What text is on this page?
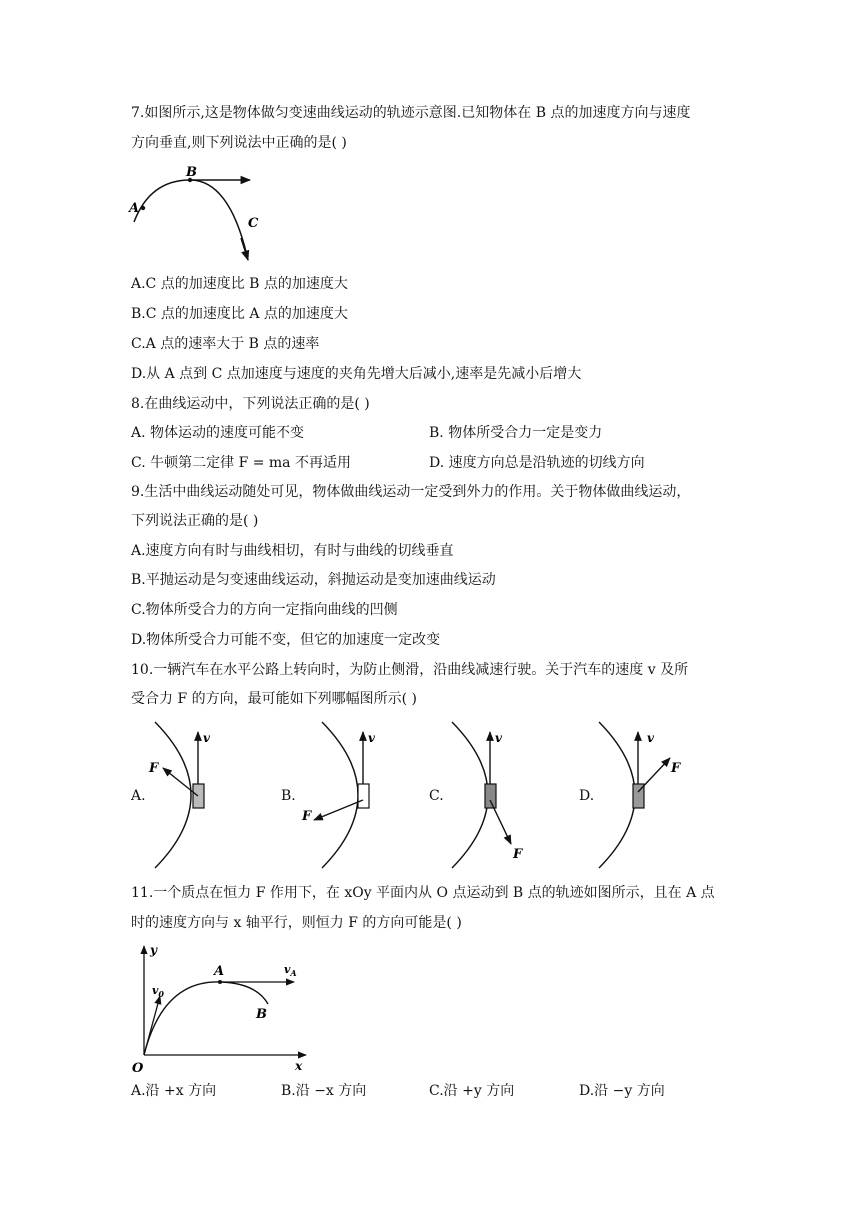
7.如图所示,这是物体做匀变速曲线运动的轨迹示意图.已知物体在 B 点的加速度方向与速度
方向垂直,则下列说法中正确的是( )
A
B
C
A.C 点的加速度比 B 点的加速度大
B.C 点的加速度比 A 点的加速度大
C.A 点的速率大于 B 点的速率
D.从 A 点到 C 点加速度与速度的夹角先增大后减小,速率是先减小后增大
8.在曲线运动中，下列说法正确的是( )
A. 物体运动的速度可能不变	B. 物体所受合力一定是变力
C. 牛顿第二定律 F = ma 不再适用	D. 速度方向总是沿轨迹的切线方向
9.生活中曲线运动随处可见，物体做曲线运动一定受到外力的作用。关于物体做曲线运动，
下列说法正确的是( )
A.速度方向有时与曲线相切，有时与曲线的切线垂直
B.平抛运动是匀变速曲线运动，斜抛运动是变加速曲线运动
C.物体所受合力的方向一定指向曲线的凹侧
D.物体所受合力可能不变，但它的加速度一定改变
10.一辆汽车在水平公路上转向时，为防止侧滑，沿曲线减速行驶。关于汽车的速度 v 及所
受合力 F 的方向，最可能如下列哪幅图所示( )
A.
v
F
B.
v
F
C.
v
F
D.
v
F
11.一个质点在恒力 F 作用下，在 xOy 平面内从 O 点运动到 B 点的轨迹如图所示，且在 A 点
时的速度方向与 x 轴平行，则恒力 F 的方向可能是( )
y
x
O
A
B
$v_0$
$v_A$
A.沿 +x 方向	B.沿 −x 方向	C.沿 +y 方向	D.沿 −y 方向
